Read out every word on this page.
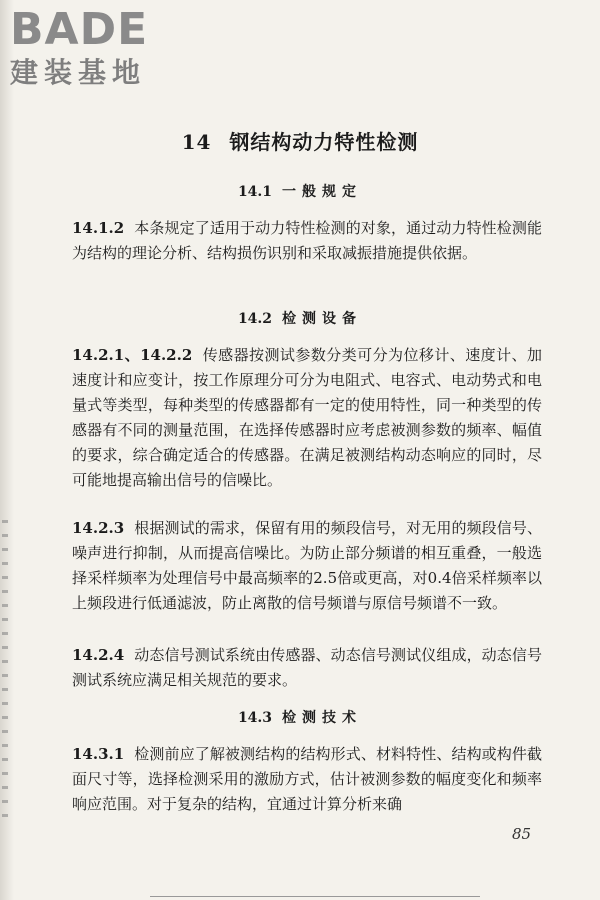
BADE
建装基地
14 钢结构动力特性检测
14.1 一般规定
14.1.2 本条规定了适用于动力特性检测的对象，通过动力特性检测能为结构的理论分析、结构损伤识别和采取减振措施提供依据。
14.2 检测设备
14.2.1、14.2.2 传感器按测试参数分类可分为位移计、速度计、加速度计和应变计，按工作原理分可分为电阻式、电容式、电动势式和电量式等类型，每种类型的传感器都有一定的使用特性，同一种类型的传感器有不同的测量范围，在选择传感器时应考虑被测参数的频率、幅值的要求，综合确定适合的传感器。在满足被测结构动态响应的同时，尽可能地提高输出信号的信噪比。
14.2.3 根据测试的需求，保留有用的频段信号，对无用的频段信号、噪声进行抑制，从而提高信噪比。为防止部分频谱的相互重叠，一般选择采样频率为处理信号中最高频率的2.5倍或更高，对0.4倍采样频率以上频段进行低通滤波，防止离散的信号频谱与原信号频谱不一致。
14.2.4 动态信号测试系统由传感器、动态信号测试仪组成，动态信号测试系统应满足相关规范的要求。
14.3 检测技术
14.3.1 检测前应了解被测结构的结构形式、材料特性、结构或构件截面尺寸等，选择检测采用的激励方式，估计被测参数的幅度变化和频率响应范围。对于复杂的结构，宜通过计算分析来确
85
